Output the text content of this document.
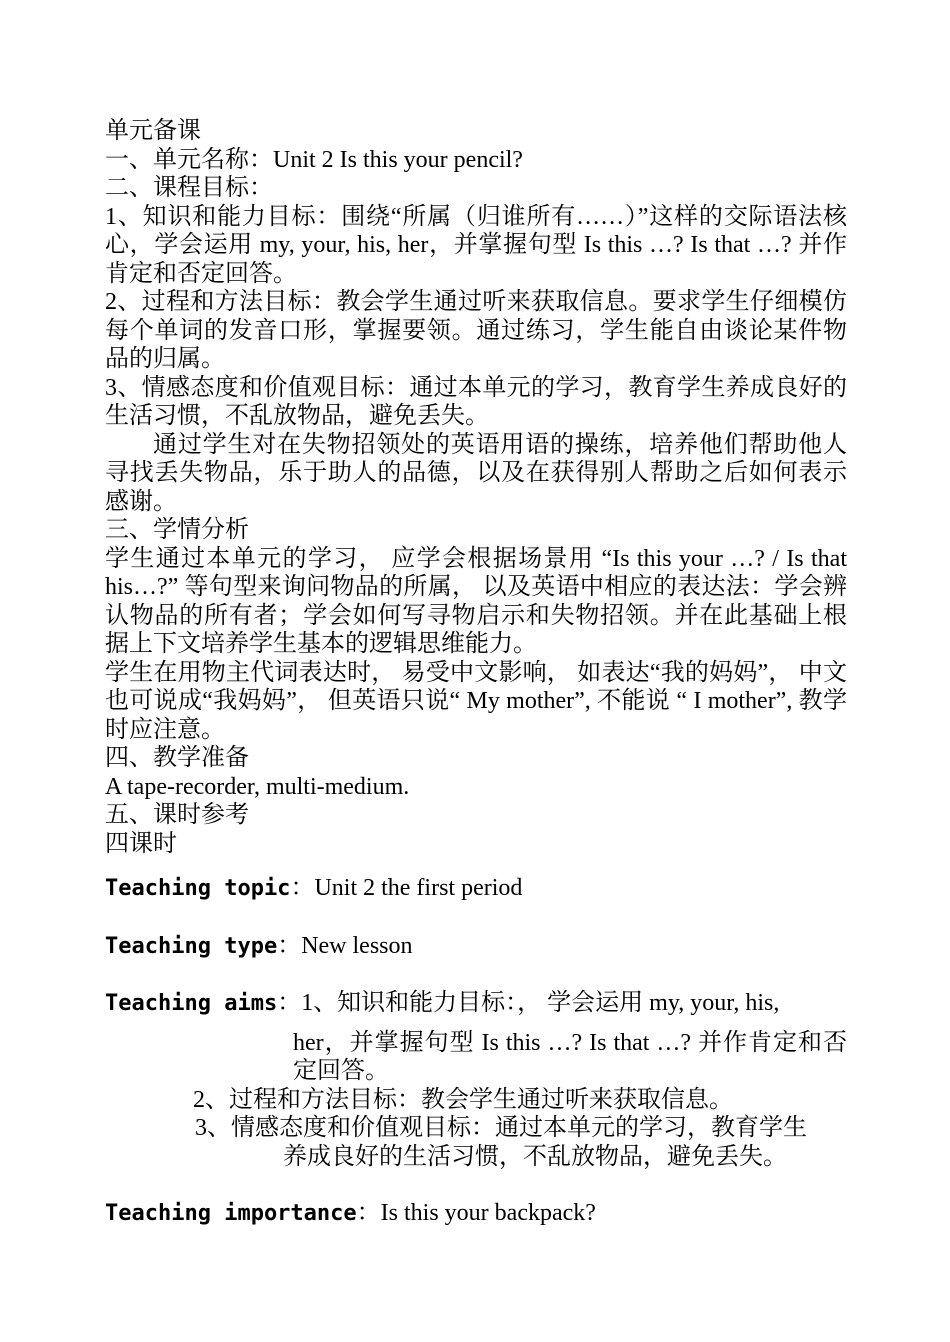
单元备课

一、单元名称：Unit 2 Is this your pencil?

二、课程目标：

1、知识和能力目标：围绕“所属（归谁所有……）”这样的交际语法核心，学会运用 my, your, his, her，并掌握句型 Is this …? Is that …? 并作肯定和否定回答。

2、过程和方法目标：教会学生通过听来获取信息。要求学生仔细模仿每个单词的发音口形，掌握要领。通过练习，学生能自由谈论某件物品的归属。

3、情感态度和价值观目标：通过本单元的学习，教育学生养成良好的生活习惯，不乱放物品，避免丢失。

通过学生对在失物招领处的英语用语的操练，培养他们帮助他人寻找丢失物品，乐于助人的品德，以及在获得别人帮助之后如何表示感谢。

三、学情分析

学生通过本单元的学习， 应学会根据场景用 “Is this your …? / Is that his…?” 等句型来询问物品的所属， 以及英语中相应的表达法：学会辨认物品的所有者；学会如何写寻物启示和失物招领。并在此基础上根据上下文培养学生基本的逻辑思维能力。

学生在用物主代词表达时， 易受中文影响， 如表达“我的妈妈”， 中文也可说成“我妈妈”， 但英语只说“ My mother”, 不能说 “ I mother”, 教学时应注意。

四、教学准备

A tape-recorder, multi-medium.

五、课时参考

四课时

Teaching topic：Unit 2 the first period

Teaching type：New lesson

Teaching aims：1、知识和能力目标：， 学会运用 my, your, his,

her，并掌握句型 Is this …? Is that …? 并作肯定和否定回答。

2、过程和方法目标：教会学生通过听来获取信息。

3、情感态度和价值观目标：通过本单元的学习，教育学生

养成良好的生活习惯，不乱放物品，避免丢失。

Teaching importance：Is this your backpack?
